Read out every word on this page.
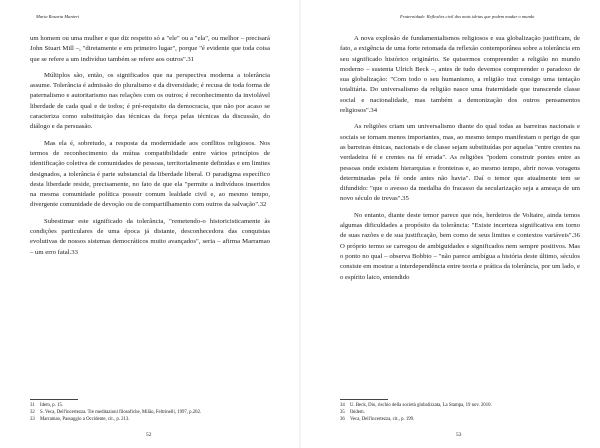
Maria Rosaria Manieri

um homem ou uma mulher e que diz respeito só a "ele" ou a "ela", ou melhor – precisará John Stuart Mill –, "diretamente e em primeiro lugar", porque "é evidente que toda coisa que se refere a um indivíduo também se refere aos outros".31

Múltiplos são, então, os significados que na perspectiva moderna a tolerância assume. Tolerância é admissão do pluralismo e da diversidade; é recusa de toda forma de paternalismo e autoritarismo nas relações com os outros; é reconhecimento da inviolável liberdade de cada qual e de todos; é pré-requisito da democracia, que não por acaso se caracteriza como substituição das técnicas da força pelas técnicas da discussão, do diálogo e da persuasão.

Mas ela é, sobretudo, a resposta da modernidade aos conflitos religiosos. Nos termos de reconhecimento da mútua compatibilidade entre vários princípios de identificação coletiva de comunidades de pessoas, territorialmente definidas e em limites designados, a tolerância é parte substancial da liberdade liberal. O paradigma específico desta liberdade reside, precisamente, no fato de que ela "permite a indivíduos inseridos na mesma comunidade política possuir comum lealdade civil e, ao mesmo tempo, divergente comunidade de devoção ou de compartilhamento com outros da salvação".32

Subestimar este significado da tolerância, "remetendo-o historicisticamente às condições particulares de uma época já distante, desconhecedora das conquistas evolutivas de nossos sistemas democráticos muito avançados", seria – afirma Marramao – um erro fatal.33

31 Idem, p. 15.
32 S. Veca, Dell'incertezza. Tre meditazioni filosofiche, Milão, Feltrinelli, 1997, p.202.
33 Marramao, Passaggio a Occidente, cit., p. 213.
52
Fraternidade. Reflexões civil dos mais ideias que podem mudar o mundo

A nova explosão de fundamentalismos religiosos e sua globalização justificam, de fato, a exigência de uma forte retomada da reflexão contemporânea sobre a tolerância em seu significado histórico originário. Se quisermos compreender a religião no mundo moderno – sustenta Ulrich Beck –, antes de tudo devemos compreender o paradoxo de sua globalização: "Com todo o seu humanismo, a religião traz consigo uma tentação totalitária. Do universalismo da religião nasce uma fraternidade que transcende classe social e nacionalidade, mas também a demonização dos outros pensamentos religiosos".34

As religiões criam um universalismo diante do qual todas as barreiras nacionais e sociais se tornam menos importantes, mas, ao mesmo tempo manifestam o perigo de que as barreiras étnicas, nacionais e de classe sejam substituídas por aquelas "entre crentes na verdadeira fé e crentes na fé errada". As religiões "podem construir pontes entre as pessoas onde existem hierarquias e fronteiras e, ao mesmo tempo, abrir novas voragens determinadas pela fé onde antes não havia". Daí o temor que atualmente tem se difundido: "que o avesso da medalha do fracasso da secularização seja a ameaça de um novo século de trevas".35

No entanto, diante deste temor parece que nós, herdeiros de Voltaire, ainda temos algumas dificuldades a propósito da tolerância: "Existe incerteza significativa em torno de suas razões e de sua justificação, bem como de seus limites e contextos variáveis".36 O próprio termo se carregou de ambiguidades e significados nem sempre positivos. Mas o ponto no qual – observa Bobbio – "não parece ambígua a história deste último, séculos consiste em mostrar a interdependência entre teoria e prática da tolerância, por um lado, e o espírito laico, entendido

34 U. Beck, Dio, rischio della società globalizzata, La Stampa, 19 nov. 2010.
35 Ibidem.
36 Veca, Dell'incertezza, cit., p. 199.
53
